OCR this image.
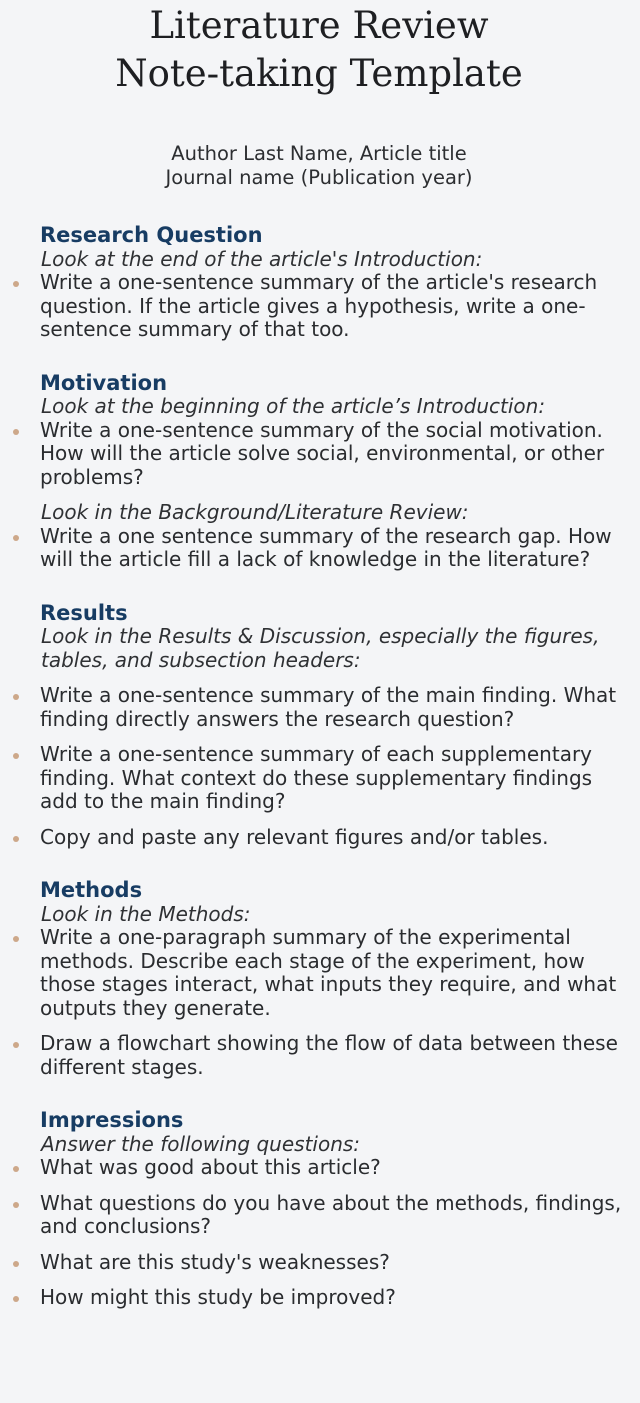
Literature Review
Note-taking Template
Author Last Name, Article title
Journal name (Publication year)
Research Question
Look at the end of the article's Introduction:
Write a one-sentence summary of the article's research question. If the article gives a hypothesis, write a one-sentence summary of that too.
Motivation
Look at the beginning of the article’s Introduction:
Write a one-sentence summary of the social motivation. How will the article solve social, environmental, or other problems?
Look in the Background/Literature Review:
Write a one sentence summary of the research gap. How will the article fill a lack of knowledge in the literature?
Results
Look in the Results & Discussion, especially the figures, tables, and subsection headers:
Write a one-sentence summary of the main finding. What finding directly answers the research question?
Write a one-sentence summary of each supplementary finding. What context do these supplementary findings add to the main finding?
Copy and paste any relevant figures and/or tables.
Methods
Look in the Methods:
Write a one-paragraph summary of the experimental methods. Describe each stage of the experiment, how those stages interact, what inputs they require, and what outputs they generate.
Draw a flowchart showing the flow of data between these different stages.
Impressions
Answer the following questions:
What was good about this article?
What questions do you have about the methods, findings, and conclusions?
What are this study's weaknesses?
How might this study be improved?
